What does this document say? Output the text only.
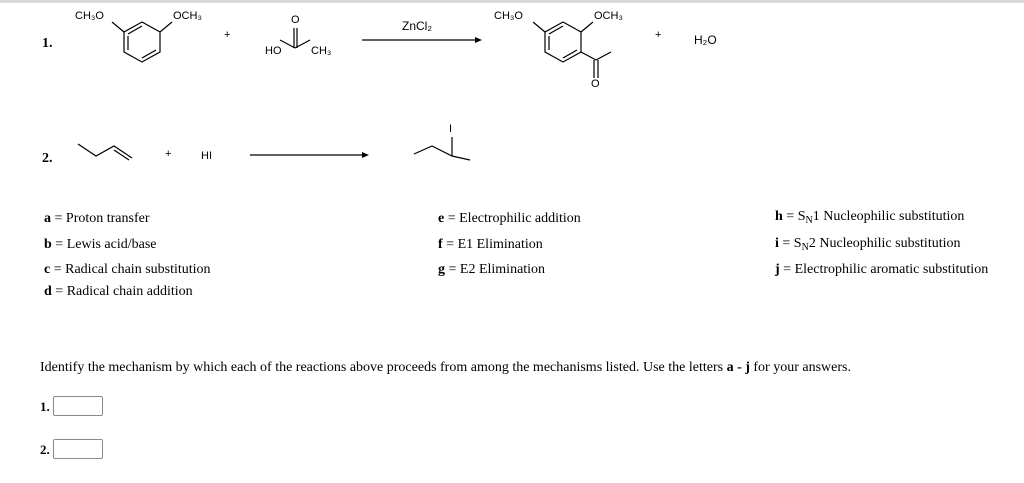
1.
CH₃O	OCH₃
+
O
HO	CH₃
ZnCl₂
CH₃O	OCH₃
O
+	H₂O
2.	+	HI
I
a = Proton transfer
b = Lewis acid/base
c = Radical chain substitution
d = Radical chain addition
e = Electrophilic addition
f = E1 Elimination
g = E2 Elimination
$h = S_N1$ Nucleophilic substitution
$i = S_N2$ Nucleophilic substitution
j = Electrophilic aromatic substitution
Identify the mechanism by which each of the reactions above proceeds from among the mechanisms listed. Use the letters a - j for your answers.
1.
2.
